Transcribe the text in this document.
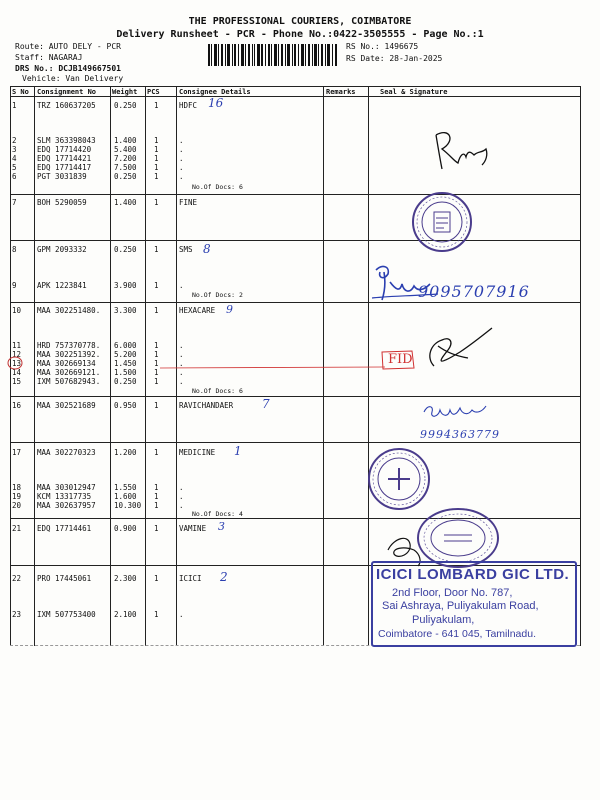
THE PROFESSIONAL COURIERS, COIMBATORE
Delivery Runsheet - PCR - Phone No.:0422-3505555 - Page No.:1
Route: AUTO DELY - PCR
Staff: NAGARAJ
DRS No.: DCJB149667501
Vehicle: Van Delivery
RS No.: 1496675
RS Date: 28-Jan-2025
S No Consignment No Weight PCS	Consignee Details	Remarks	Seal & Signature
1	TRZ 160637205 0.250 1	HDFC
2	SLM 363398043 1.400 1	.
3	EDQ 17714420	5.400 1	.
4	EDQ 17714421	7.200 1	.
5	EDQ 17714417	7.500 1	.
6	PGT 3031839	0.250 1	.
No.Of Docs: 6
7	BOH 5290059	1.400 1	FINE
8	GPM 2093332	0.250 1	SMS
9	APK 1223841	3.900 1	.
No.Of Docs: 2
10 MAA 302251480. 3.300 1	HEXACARE
11 HRD 757370778. 6.000 1	.
12 MAA 302251392. 5.200 1	.
13 MAA 302669134 1.450 1	.
14 MAA 302669121. 1.500 1	.
15 IXM 507682943. 0.250 1	.
No.Of Docs: 6
16 MAA 302521689 0.950 1	RAVICHANDAER
17 MAA 302270323 1.200 1	MEDICINE
18 MAA 303012947 1.550 1	.
19 KCM 13317735	1.600 1	.
20 MAA 302637957 10.300 1	.
No.Of Docs: 4
21 EDQ 17714461	0.900 1	VAMINE
22 PRO 17445061	2.300 1	ICICI
23 IXM 507753400 2.100 1	.
16
8
9
7
1
3
2
9095707916
9994363779
FID
ICICI LOMBARD GIC LTD.
2nd Floor, Door No. 787,
Sai Ashraya, Puliyakulam Road,
Puliyakulam,
Coimbatore - 641 045, Tamilnadu.
